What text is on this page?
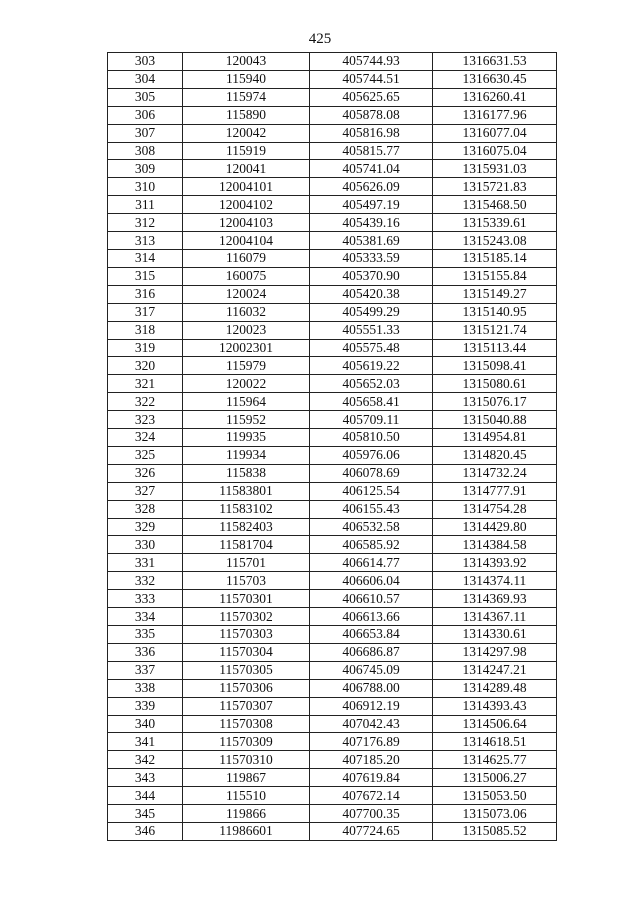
425
303	120043	405744.93	1316631.53
304	115940	405744.51	1316630.45
305	115974	405625.65	1316260.41
306	115890	405878.08	1316177.96
307	120042	405816.98	1316077.04
308	115919	405815.77	1316075.04
309	120041	405741.04	1315931.03
310	12004101	405626.09	1315721.83
311	12004102	405497.19	1315468.50
312	12004103	405439.16	1315339.61
313	12004104	405381.69	1315243.08
314	116079	405333.59	1315185.14
315	160075	405370.90	1315155.84
316	120024	405420.38	1315149.27
317	116032	405499.29	1315140.95
318	120023	405551.33	1315121.74
319	12002301	405575.48	1315113.44
320	115979	405619.22	1315098.41
321	120022	405652.03	1315080.61
322	115964	405658.41	1315076.17
323	115952	405709.11	1315040.88
324	119935	405810.50	1314954.81
325	119934	405976.06	1314820.45
326	115838	406078.69	1314732.24
327	11583801	406125.54	1314777.91
328	11583102	406155.43	1314754.28
329	11582403	406532.58	1314429.80
330	11581704	406585.92	1314384.58
331	115701	406614.77	1314393.92
332	115703	406606.04	1314374.11
333	11570301	406610.57	1314369.93
334	11570302	406613.66	1314367.11
335	11570303	406653.84	1314330.61
336	11570304	406686.87	1314297.98
337	11570305	406745.09	1314247.21
338	11570306	406788.00	1314289.48
339	11570307	406912.19	1314393.43
340	11570308	407042.43	1314506.64
341	11570309	407176.89	1314618.51
342	11570310	407185.20	1314625.77
343	119867	407619.84	1315006.27
344	115510	407672.14	1315053.50
345	119866	407700.35	1315073.06
346	11986601	407724.65	1315085.52
